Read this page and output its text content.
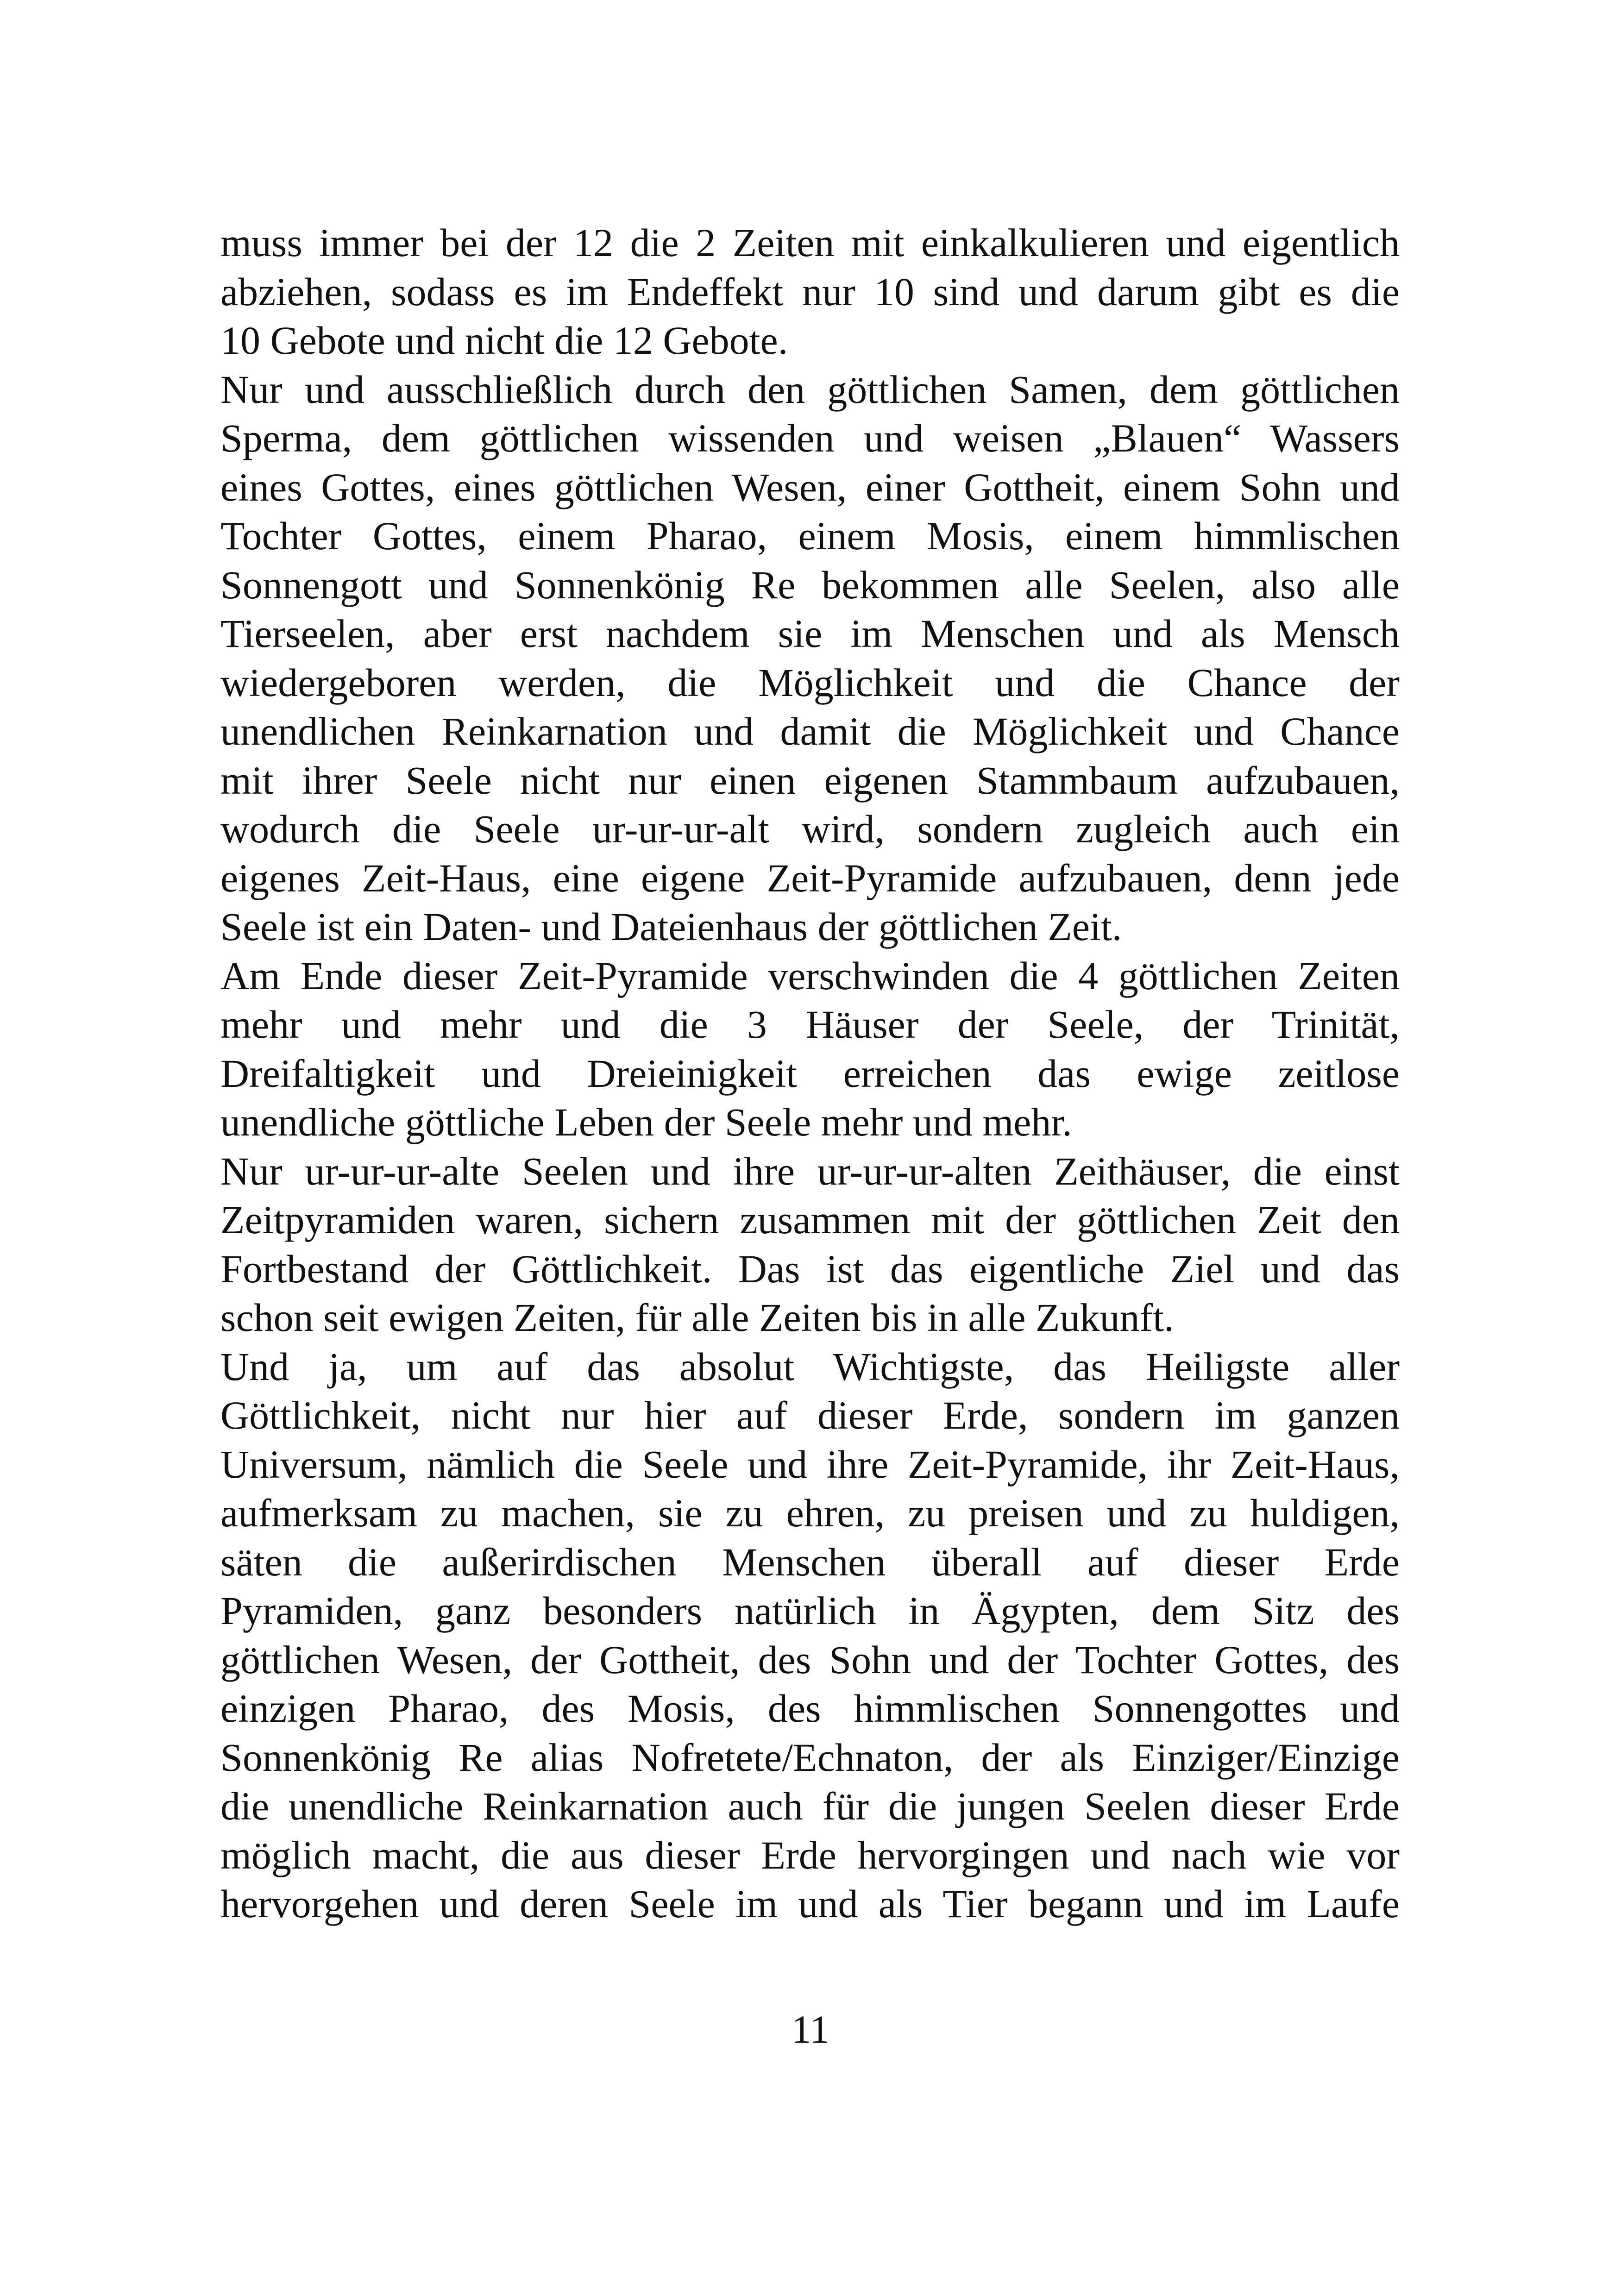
muss immer bei der 12 die 2 Zeiten mit einkalkulieren und eigentlich
abziehen, sodass es im Endeffekt nur 10 sind und darum gibt es die
10 Gebote und nicht die 12 Gebote.
Nur und ausschließlich durch den göttlichen Samen, dem göttlichen
Sperma, dem göttlichen wissenden und weisen „Blauen“ Wassers
eines Gottes, eines göttlichen Wesen, einer Gottheit, einem Sohn und
Tochter Gottes, einem Pharao, einem Mosis, einem himmlischen
Sonnengott und Sonnenkönig Re bekommen alle Seelen, also alle
Tierseelen, aber erst nachdem sie im Menschen und als Mensch
wiedergeboren werden, die Möglichkeit und die Chance der
unendlichen Reinkarnation und damit die Möglichkeit und Chance
mit ihrer Seele nicht nur einen eigenen Stammbaum aufzubauen,
wodurch die Seele ur-ur-ur-alt wird, sondern zugleich auch ein
eigenes Zeit-Haus, eine eigene Zeit-Pyramide aufzubauen, denn jede
Seele ist ein Daten- und Dateienhaus der göttlichen Zeit.
Am Ende dieser Zeit-Pyramide verschwinden die 4 göttlichen Zeiten
mehr und mehr und die 3 Häuser der Seele, der Trinität,
Dreifaltigkeit und Dreieinigkeit erreichen das ewige zeitlose
unendliche göttliche Leben der Seele mehr und mehr.
Nur ur-ur-ur-alte Seelen und ihre ur-ur-ur-alten Zeithäuser, die einst
Zeitpyramiden waren, sichern zusammen mit der göttlichen Zeit den
Fortbestand der Göttlichkeit. Das ist das eigentliche Ziel und das
schon seit ewigen Zeiten, für alle Zeiten bis in alle Zukunft.
Und ja, um auf das absolut Wichtigste, das Heiligste aller
Göttlichkeit, nicht nur hier auf dieser Erde, sondern im ganzen
Universum, nämlich die Seele und ihre Zeit-Pyramide, ihr Zeit-Haus,
aufmerksam zu machen, sie zu ehren, zu preisen und zu huldigen,
säten die außerirdischen Menschen überall auf dieser Erde
Pyramiden, ganz besonders natürlich in Ägypten, dem Sitz des
göttlichen Wesen, der Gottheit, des Sohn und der Tochter Gottes, des
einzigen Pharao, des Mosis, des himmlischen Sonnengottes und
Sonnenkönig Re alias Nofretete/Echnaton, der als Einziger/Einzige
die unendliche Reinkarnation auch für die jungen Seelen dieser Erde
möglich macht, die aus dieser Erde hervorgingen und nach wie vor
hervorgehen und deren Seele im und als Tier begann und im Laufe
11
